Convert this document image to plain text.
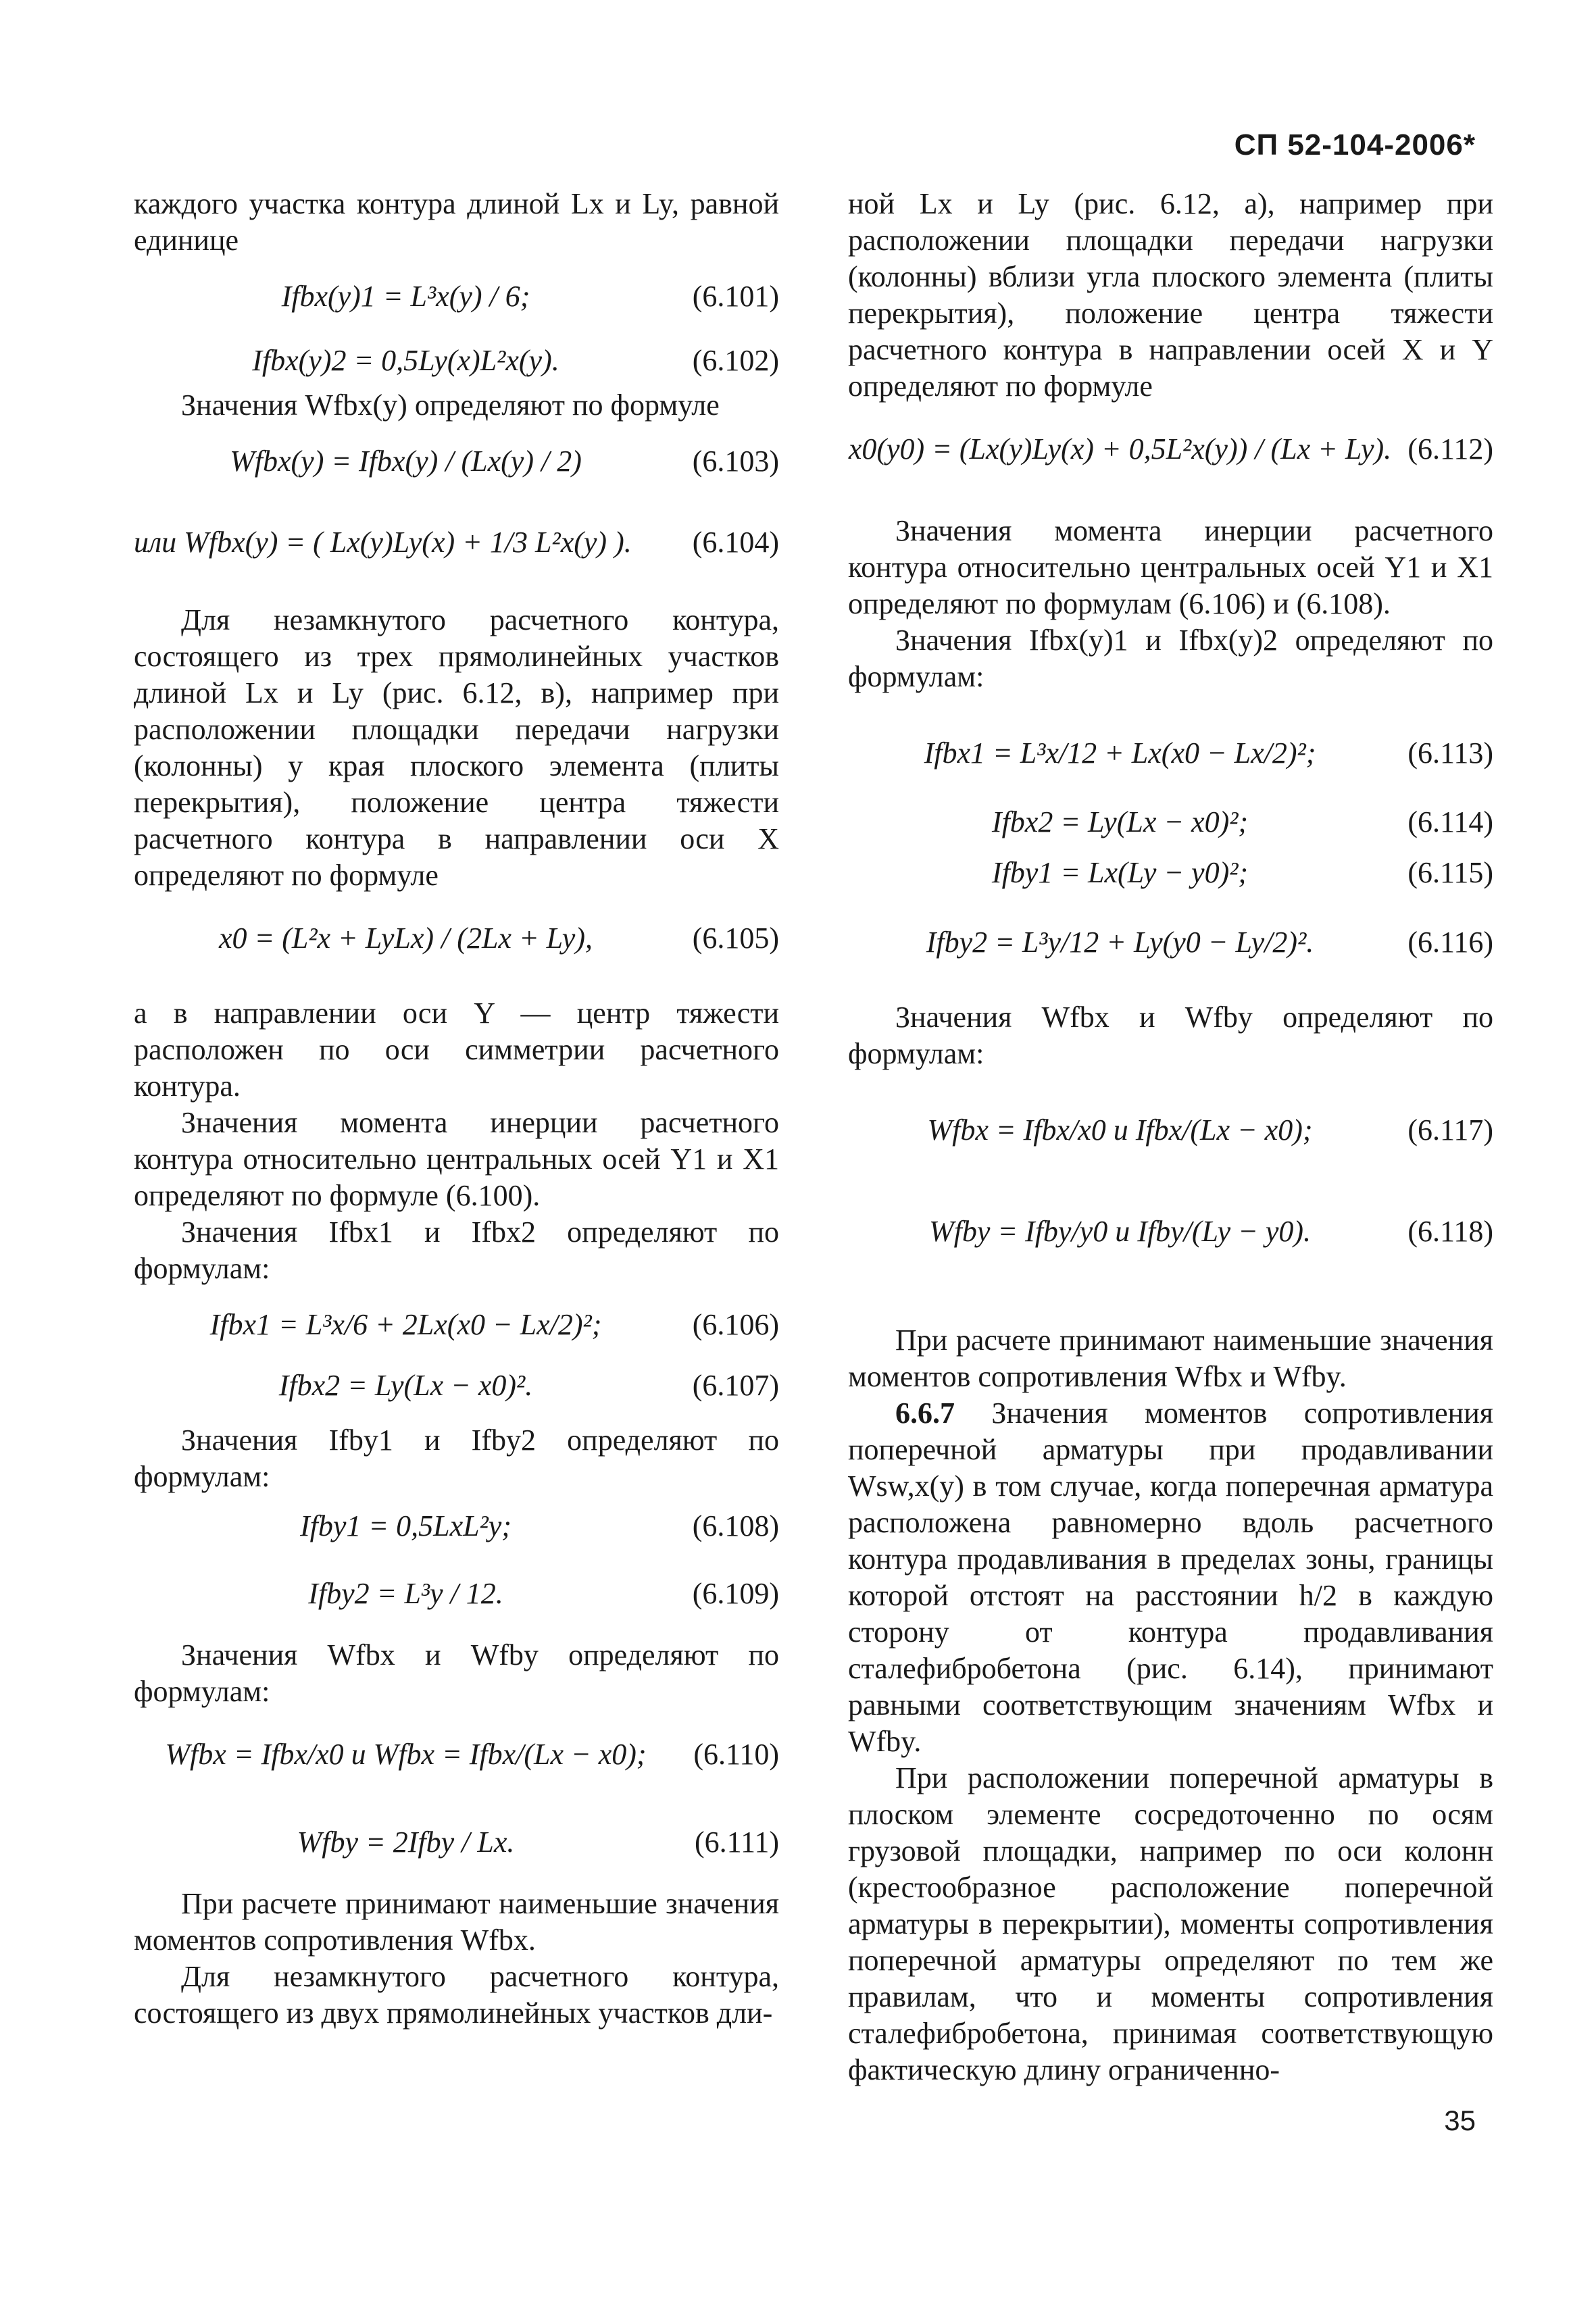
СП 52-104-2006*

каждого участка контура длиной Lx и Ly, равной единице

Ifbx(y)1 = L³x(y) / 6;	(6.101)
Ifbx(y)2 = 0,5Ly(x)L²x(y).	(6.102)

Значения Wfbx(y) определяют по формуле

Wfbx(y) = Ifbx(y) / (Lx(y) / 2)	(6.103)
или Wfbx(y) = ( Lx(y)Ly(x) + 1/3 L²x(y) ).	(6.104)

Для незамкнутого расчетного контура, состоящего из трех прямолинейных участков длиной Lx и Ly (рис. 6.12, в), например при расположении площадки передачи нагрузки (колонны) у края плоского элемента (плиты перекрытия), положение центра тяжести расчетного контура в направлении оси X определяют по формуле

x0 = (L²x + LyLx) / (2Lx + Ly),	(6.105)

а в направлении оси Y — центр тяжести расположен по оси симметрии расчетного контура.

Значения момента инерции расчетного контура относительно центральных осей Y1 и X1 определяют по формуле (6.100).

Значения Ifbx1 и Ifbx2 определяют по формулам:

Ifbx1 = L³x/6 + 2Lx(x0 − Lx/2)²;	(6.106)
Ifbx2 = Ly(Lx − x0)².	(6.107)

Значения Ifby1 и Ifby2 определяют по формулам:

Ifby1 = 0,5LxL²y;	(6.108)
Ifby2 = L³y / 12.	(6.109)

Значения Wfbx и Wfby определяют по формулам:

Wfbx = Ifbx/x0 и Wfbx = Ifbx/(Lx − x0);	(6.110)
Wfby = 2Ifby / Lx.	(6.111)

При расчете принимают наименьшие значения моментов сопротивления Wfbx.

Для незамкнутого расчетного контура, состоящего из двух прямолинейных участков дли-

ной Lx и Ly (рис. 6.12, а), например при расположении площадки передачи нагрузки (колонны) вблизи угла плоского элемента (плиты перекрытия), положение центра тяжести расчетного контура в направлении осей X и Y определяют по формуле

x0(y0) = (Lx(y)Ly(x) + 0,5L²x(y)) / (Lx + Ly). (6.112)

Значения момента инерции расчетного контура относительно центральных осей Y1 и X1 определяют по формулам (6.106) и (6.108).

Значения Ifbx(y)1 и Ifbx(y)2 определяют по формулам:

Ifbx1 = L³x/12 + Lx(x0 − Lx/2)²;	(6.113)
Ifbx2 = Ly(Lx − x0)²;	(6.114)
Ifby1 = Lx(Ly − y0)²;	(6.115)
Ifby2 = L³y/12 + Ly(y0 − Ly/2)².	(6.116)

Значения Wfbx и Wfby определяют по формулам:

Wfbx = Ifbx/x0 и Ifbx/(Lx − x0);	(6.117)
Wfby = Ifby/y0 и Ifby/(Ly − y0).	(6.118)

При расчете принимают наименьшие значения моментов сопротивления Wfbx и Wfby.

6.6.7 Значения моментов сопротивления поперечной арматуры при продавливании Wsw,x(y) в том случае, когда поперечная арматура расположена равномерно вдоль расчетного контура продавливания в пределах зоны, границы которой отстоят на расстоянии h/2 в каждую сторону от контура продавливания сталефибробетона (рис. 6.14), принимают равными соответствующим значениям Wfbx и Wfby.

При расположении поперечной арматуры в плоском элементе сосредоточенно по осям грузовой площадки, например по оси колонн (крестообразное расположение поперечной арматуры в перекрытии), моменты сопротивления поперечной арматуры определяют по тем же правилам, что и моменты сопротивления сталефибробетона, принимая соответствующую фактическую длину ограниченно-

35
